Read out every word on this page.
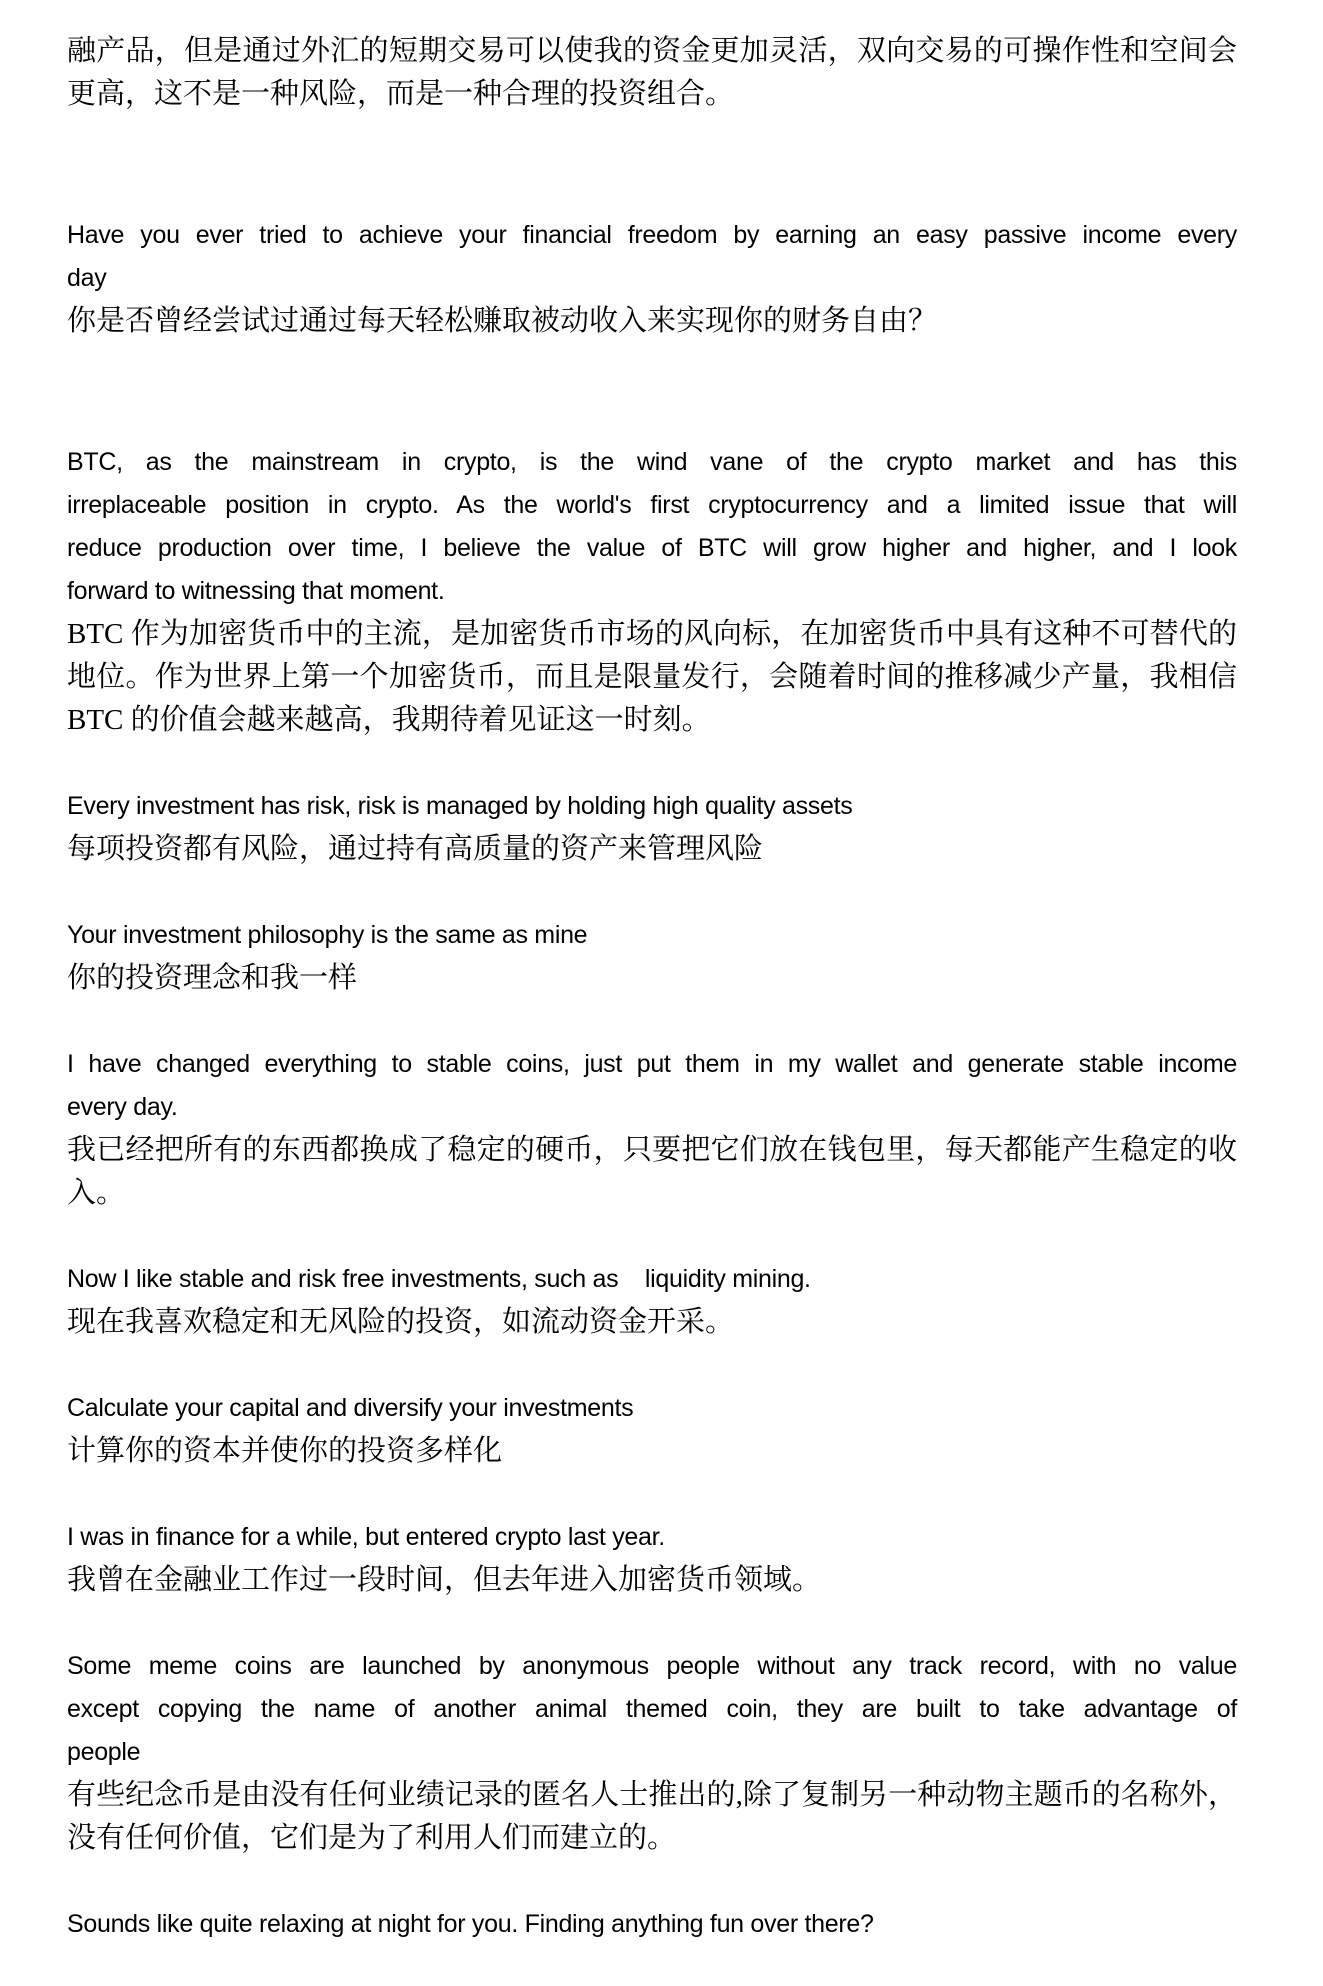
融产品，但是通过外汇的短期交易可以使我的资金更加灵活，双向交易的可操作性和空间会
更高，这不是一种风险，而是一种合理的投资组合。
Have you ever tried to achieve your financial freedom by earning an easy passive income every
day
你是否曾经尝试过通过每天轻松赚取被动收入来实现你的财务自由？
BTC, as the mainstream in crypto, is the wind vane of the crypto market and has this
irreplaceable position in crypto. As the world's first cryptocurrency and a limited issue that will
reduce production over time, I believe the value of BTC will grow higher and higher, and I look
forward to witnessing that moment.
BTC 作为加密货币中的主流，是加密货币市场的风向标，在加密货币中具有这种不可替代的
地位。作为世界上第一个加密货币，而且是限量发行，会随着时间的推移减少产量，我相信
BTC 的价值会越来越高，我期待着见证这一时刻。
Every investment has risk, risk is managed by holding high quality assets
每项投资都有风险，通过持有高质量的资产来管理风险
Your investment philosophy is the same as mine
你的投资理念和我一样
I have changed everything to stable coins, just put them in my wallet and generate stable income
every day.
我已经把所有的东西都换成了稳定的硬币，只要把它们放在钱包里，每天都能产生稳定的收
入。
Now I like stable and risk free investments, such as    liquidity mining.
现在我喜欢稳定和无风险的投资，如流动资金开采。
Calculate your capital and diversify your investments
计算你的资本并使你的投资多样化
I was in finance for a while, but entered crypto last year.
我曾在金融业工作过一段时间，但去年进入加密货币领域。
Some meme coins are launched by anonymous people without any track record, with no value
except copying the name of another animal themed coin, they are built to take advantage of
people
有些纪念币是由没有任何业绩记录的匿名人士推出的,除了复制另一种动物主题币的名称外，
没有任何价值，它们是为了利用人们而建立的。
Sounds like quite relaxing at night for you. Finding anything fun over there?
